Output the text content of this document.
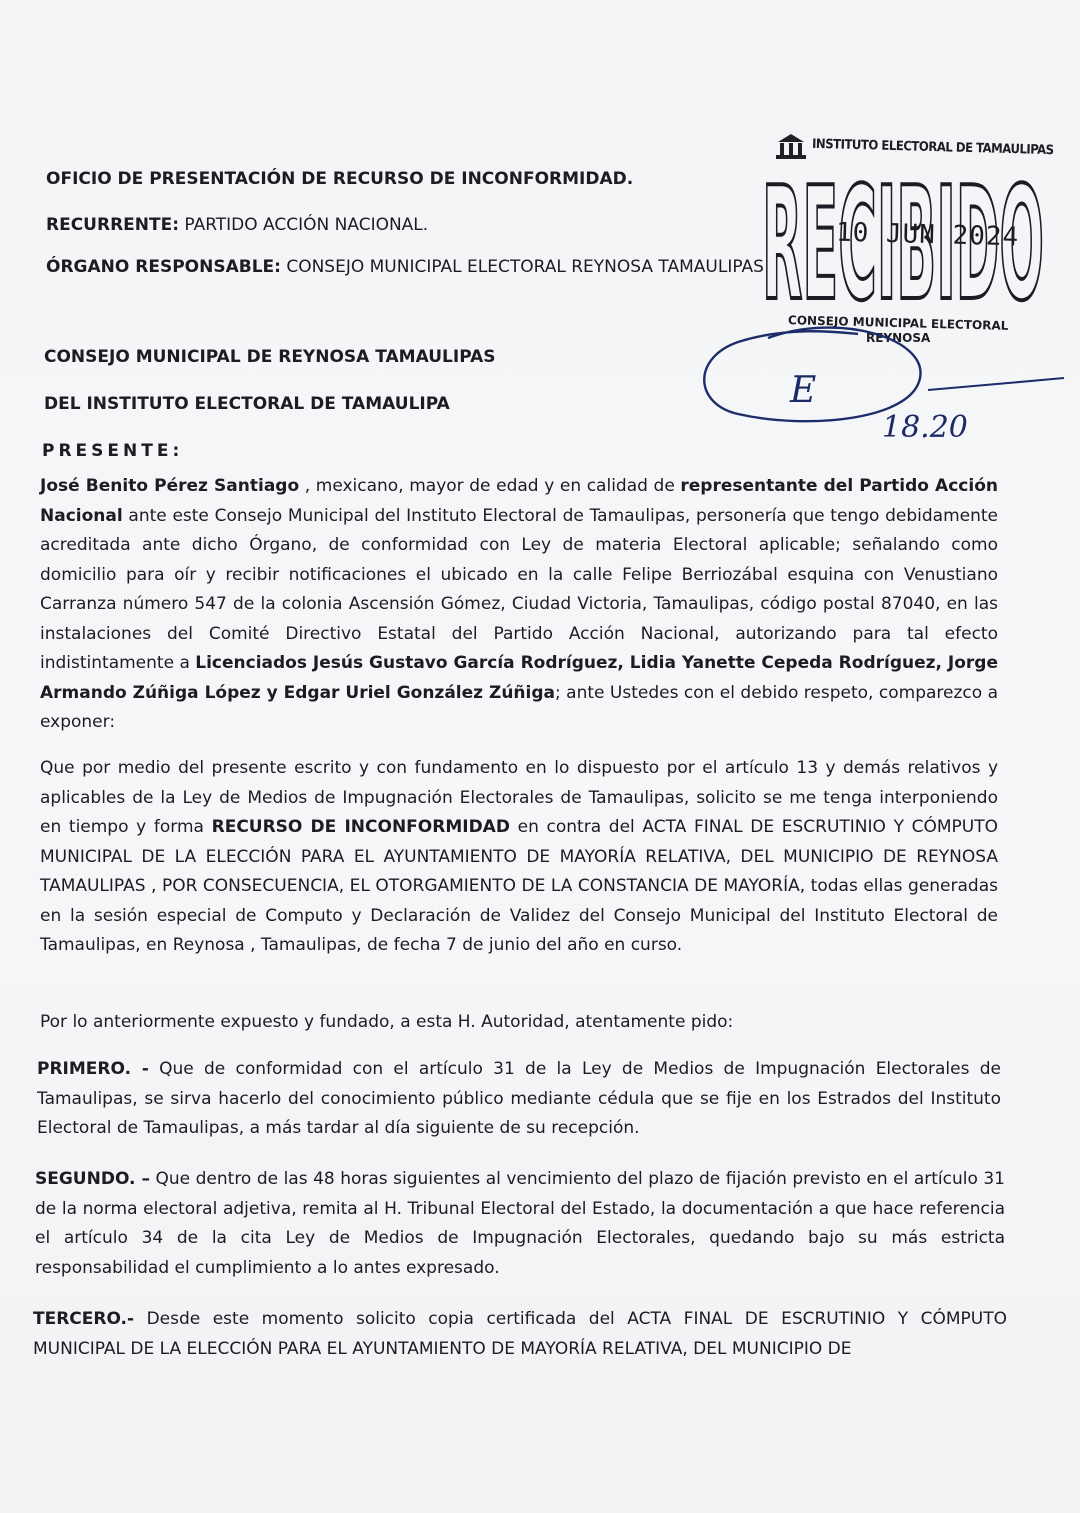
OFICIO DE PRESENTACIÓN DE RECURSO DE INCONFORMIDAD.

RECURRENTE: PARTIDO ACCIÓN NACIONAL.

ÓRGANO RESPONSABLE: CONSEJO MUNICIPAL ELECTORAL REYNOSA TAMAULIPAS

CONSEJO MUNICIPAL DE REYNOSA TAMAULIPAS

DEL INSTITUTO ELECTORAL DE TAMAULIPA

PRESENTE:

José Benito Pérez Santiago , mexicano, mayor de edad y en calidad de representante del Partido Acción Nacional ante este Consejo Municipal del Instituto Electoral de Tamaulipas, personería que tengo debidamente acreditada ante dicho Órgano, de conformidad con Ley de materia Electoral aplicable; señalando como domicilio para oír y recibir notificaciones el ubicado en la calle Felipe Berriozábal esquina con Venustiano Carranza número 547 de la colonia Ascensión Gómez, Ciudad Victoria, Tamaulipas, código postal 87040, en las instalaciones del Comité Directivo Estatal del Partido Acción Nacional, autorizando para tal efecto indistintamente a Licenciados Jesús Gustavo García Rodríguez, Lidia Yanette Cepeda Rodríguez, Jorge Armando Zúñiga López y Edgar Uriel González Zúñiga; ante Ustedes con el debido respeto, comparezco a exponer:

Que por medio del presente escrito y con fundamento en lo dispuesto por el artículo 13 y demás relativos y aplicables de la Ley de Medios de Impugnación Electorales de Tamaulipas, solicito se me tenga interponiendo en tiempo y forma RECURSO DE INCONFORMIDAD en contra del ACTA FINAL DE ESCRUTINIO Y CÓMPUTO MUNICIPAL DE LA ELECCIÓN PARA EL AYUNTAMIENTO DE MAYORÍA RELATIVA, DEL MUNICIPIO DE REYNOSA TAMAULIPAS , POR CONSECUENCIA, EL OTORGAMIENTO DE LA CONSTANCIA DE MAYORÍA, todas ellas generadas en la sesión especial de Computo y Declaración de Validez del Consejo Municipal del Instituto Electoral de Tamaulipas, en Reynosa , Tamaulipas, de fecha 7 de junio del año en curso.

Por lo anteriormente expuesto y fundado, a esta H. Autoridad, atentamente pido:

PRIMERO. - Que de conformidad con el artículo 31 de la Ley de Medios de Impugnación Electorales de Tamaulipas, se sirva hacerlo del conocimiento público mediante cédula que se fije en los Estrados del Instituto Electoral de Tamaulipas, a más tardar al día siguiente de su recepción.

SEGUNDO. – Que dentro de las 48 horas siguientes al vencimiento del plazo de fijación previsto en el artículo 31 de la norma electoral adjetiva, remita al H. Tribunal Electoral del Estado, la documentación a que hace referencia el artículo 34 de la cita Ley de Medios de Impugnación Electorales, quedando bajo su más estricta responsabilidad el cumplimiento a lo antes expresado.

TERCERO.- Desde este momento solicito copia certificada del ACTA FINAL DE ESCRUTINIO Y CÓMPUTO MUNICIPAL DE LA ELECCIÓN PARA EL AYUNTAMIENTO DE MAYORÍA RELATIVA, DEL MUNICIPIO DE

INSTITUTO ELECTORAL DE TAMAULIPAS
RECIBIDO
10 JUN 2024
CONSEJO MUNICIPAL ELECTORAL
REYNOSA
E
18.20
